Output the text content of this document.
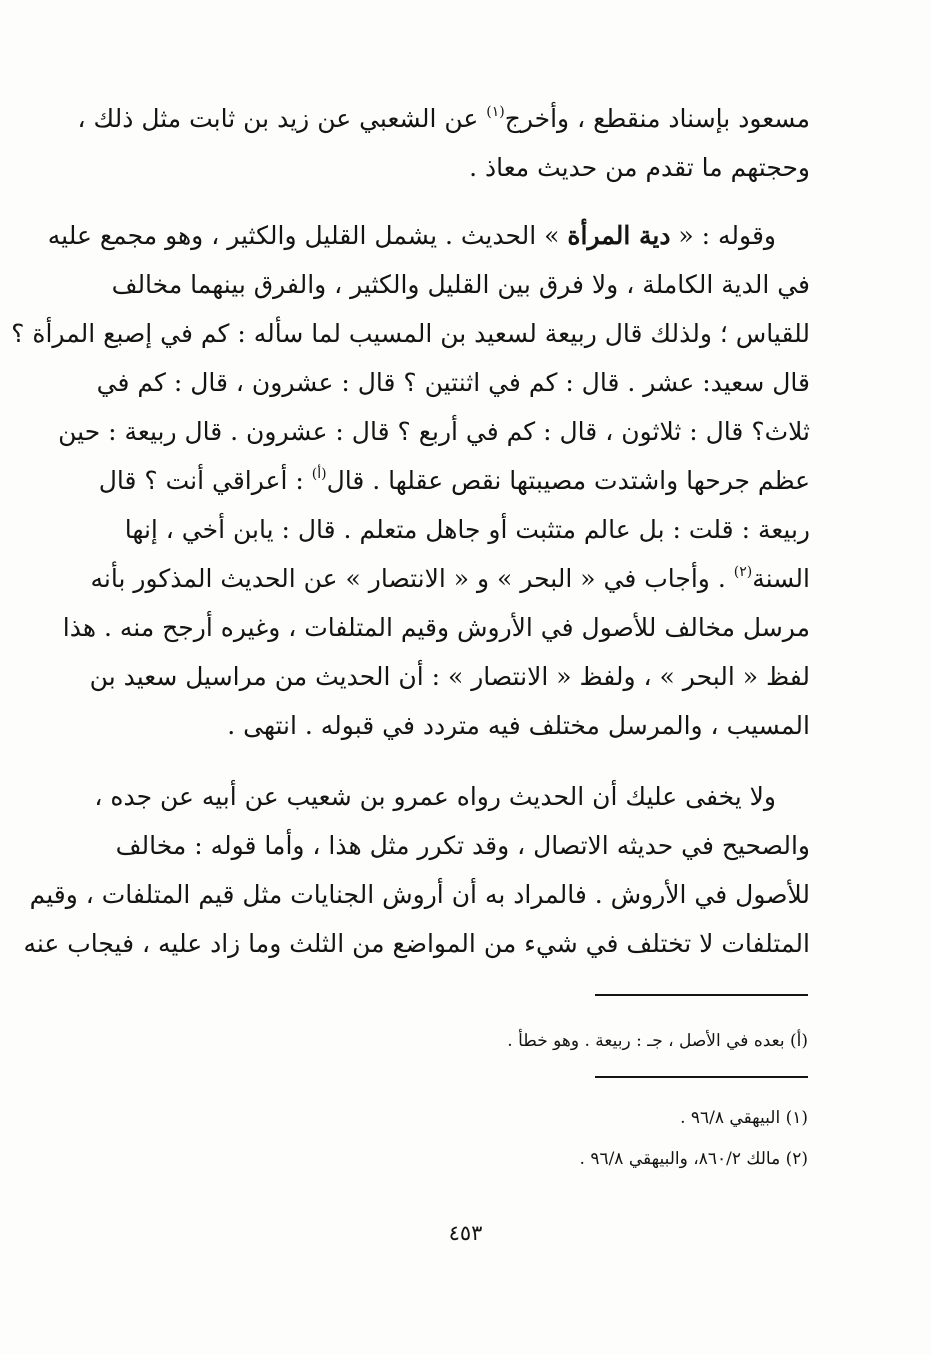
مسعود بإسناد منقطع ، وأخرج$^{(١)}$ عن الشعبي عن زيد بن ثابت مثل ذلك ،
وحجتهم ما تقدم من حديث معاذ .
وقوله : « دية المرأة » الحديث . يشمل القليل والكثير ، وهو مجمع عليه
في الدية الكاملة ، ولا فرق بين القليل والكثير ، والفرق بينهما مخالف
للقياس ؛ ولذلك قال ربيعة لسعيد بن المسيب لما سأله : كم في إصبع المرأة ؟
قال سعيد: عشر . قال : كم في اثنتين ؟ قال : عشرون ، قال : كم في
ثلاث؟ قال : ثلاثون ، قال : كم في أربع ؟ قال : عشرون . قال ربيعة : حين
عظم جرحها واشتدت مصيبتها نقص عقلها . قال$^{(أ)}$ : أعراقي أنت ؟ قال
ربيعة : قلت : بل عالم متثبت أو جاهل متعلم . قال : يابن أخي ، إنها
السنة$^{(٢)}$ . وأجاب في « البحر » و « الانتصار » عن الحديث المذكور بأنه
مرسل مخالف للأصول في الأروش وقيم المتلفات ، وغيره أرجح منه . هذا
لفظ « البحر » ، ولفظ « الانتصار » : أن الحديث من مراسيل سعيد بن
المسيب ، والمرسل مختلف فيه متردد في قبوله . انتهى .
ولا يخفى عليك أن الحديث رواه عمرو بن شعيب عن أبيه عن جده ،
والصحيح في حديثه الاتصال ، وقد تكرر مثل هذا ، وأما قوله : مخالف
للأصول في الأروش . فالمراد به أن أروش الجنايات مثل قيم المتلفات ، وقيم
المتلفات لا تختلف في شيء من المواضع من الثلث وما زاد عليه ، فيجاب عنه
(أ) بعده في الأصل ، جـ : ربيعة . وهو خطأ .
(١) البيهقي ٩٦/٨ .
(٢) مالك ٨٦٠/٢، والبيهقي ٩٦/٨ .
٤٥٣
